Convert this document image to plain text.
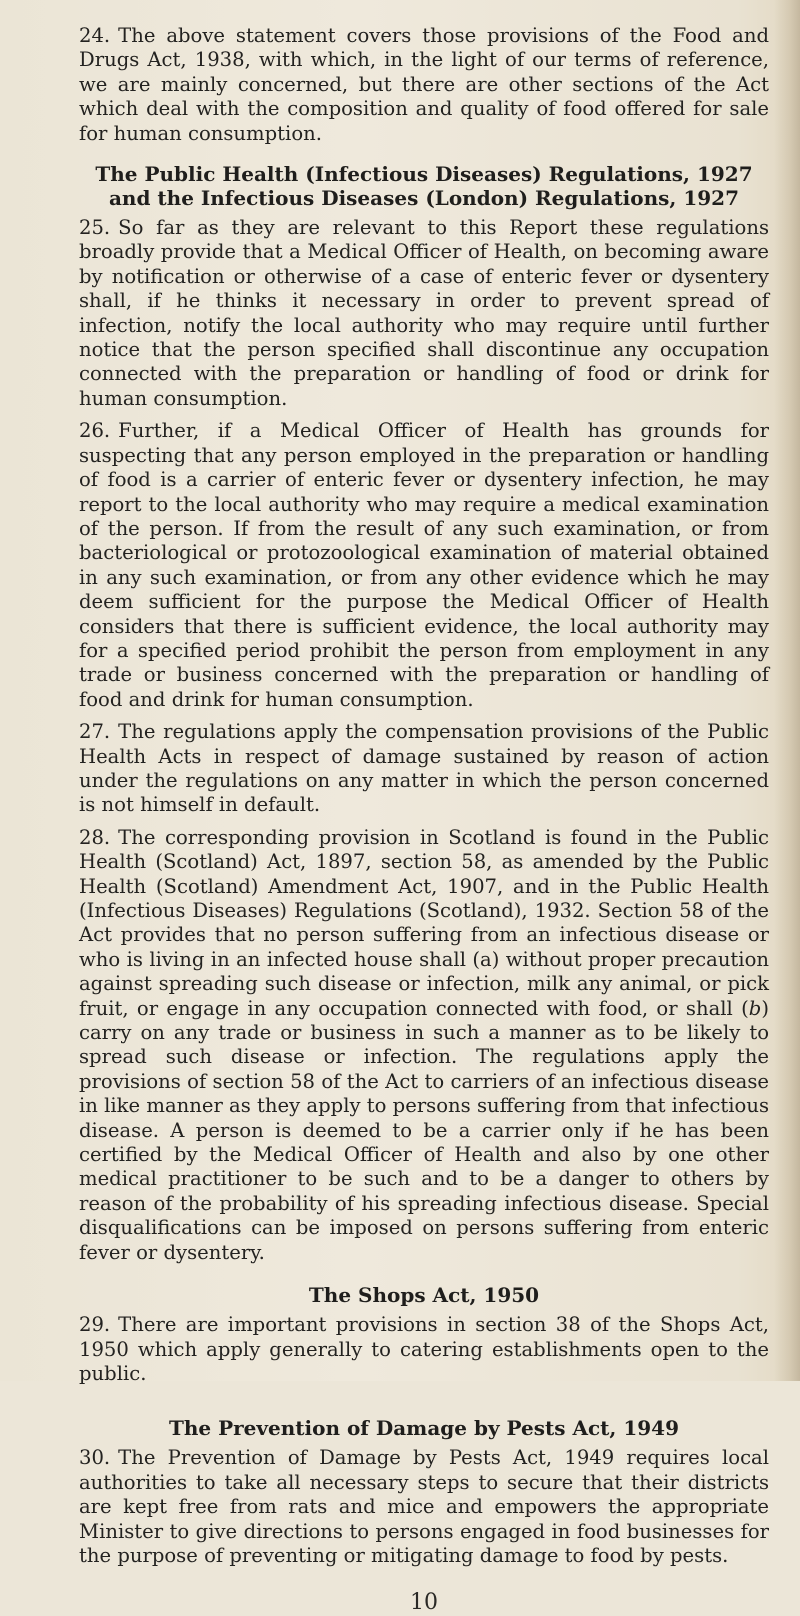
24. The above statement covers those provisions of the Food and Drugs Act, 1938, with which, in the light of our terms of reference, we are mainly concerned, but there are other sections of the Act which deal with the composition and quality of food offered for sale for human consumption.

The Public Health (Infectious Diseases) Regulations, 1927 and the Infectious Diseases (London) Regulations, 1927

25. So far as they are relevant to this Report these regulations broadly provide that a Medical Officer of Health, on becoming aware by notification or otherwise of a case of enteric fever or dysentery shall, if he thinks it necessary in order to prevent spread of infection, notify the local authority who may require until further notice that the person specified shall discontinue any occupation connected with the preparation or handling of food or drink for human consumption.

26. Further, if a Medical Officer of Health has grounds for suspecting that any person employed in the preparation or handling of food is a carrier of enteric fever or dysentery infection, he may report to the local authority who may require a medical examination of the person. If from the result of any such examination, or from bacteriological or protozoological examination of material obtained in any such examination, or from any other evidence which he may deem sufficient for the purpose the Medical Officer of Health considers that there is sufficient evidence, the local authority may for a specified period prohibit the person from employment in any trade or business concerned with the preparation or handling of food and drink for human consumption.

27. The regulations apply the compensation provisions of the Public Health Acts in respect of damage sustained by reason of action under the regulations on any matter in which the person concerned is not himself in default.

28. The corresponding provision in Scotland is found in the Public Health (Scotland) Act, 1897, section 58, as amended by the Public Health (Scotland) Amendment Act, 1907, and in the Public Health (Infectious Diseases) Regulations (Scotland), 1932. Section 58 of the Act provides that no person suffering from an infectious disease or who is living in an infected house shall (a) without proper precaution against spreading such disease or infection, milk any animal, or pick fruit, or engage in any occupation connected with food, or shall (b) carry on any trade or business in such a manner as to be likely to spread such disease or infection. The regulations apply the provisions of section 58 of the Act to carriers of an infectious disease in like manner as they apply to persons suffering from that infectious disease. A person is deemed to be a carrier only if he has been certified by the Medical Officer of Health and also by one other medical practitioner to be such and to be a danger to others by reason of the probability of his spreading infectious disease. Special disqualifications can be imposed on persons suffering from enteric fever or dysentery.

The Shops Act, 1950

29. There are important provisions in section 38 of the Shops Act, 1950 which apply generally to catering establishments open to the public.

The Prevention of Damage by Pests Act, 1949

30. The Prevention of Damage by Pests Act, 1949 requires local authorities to take all necessary steps to secure that their districts are kept free from rats and mice and empowers the appropriate Minister to give directions to persons engaged in food businesses for the purpose of preventing or mitigating damage to food by pests.

10
